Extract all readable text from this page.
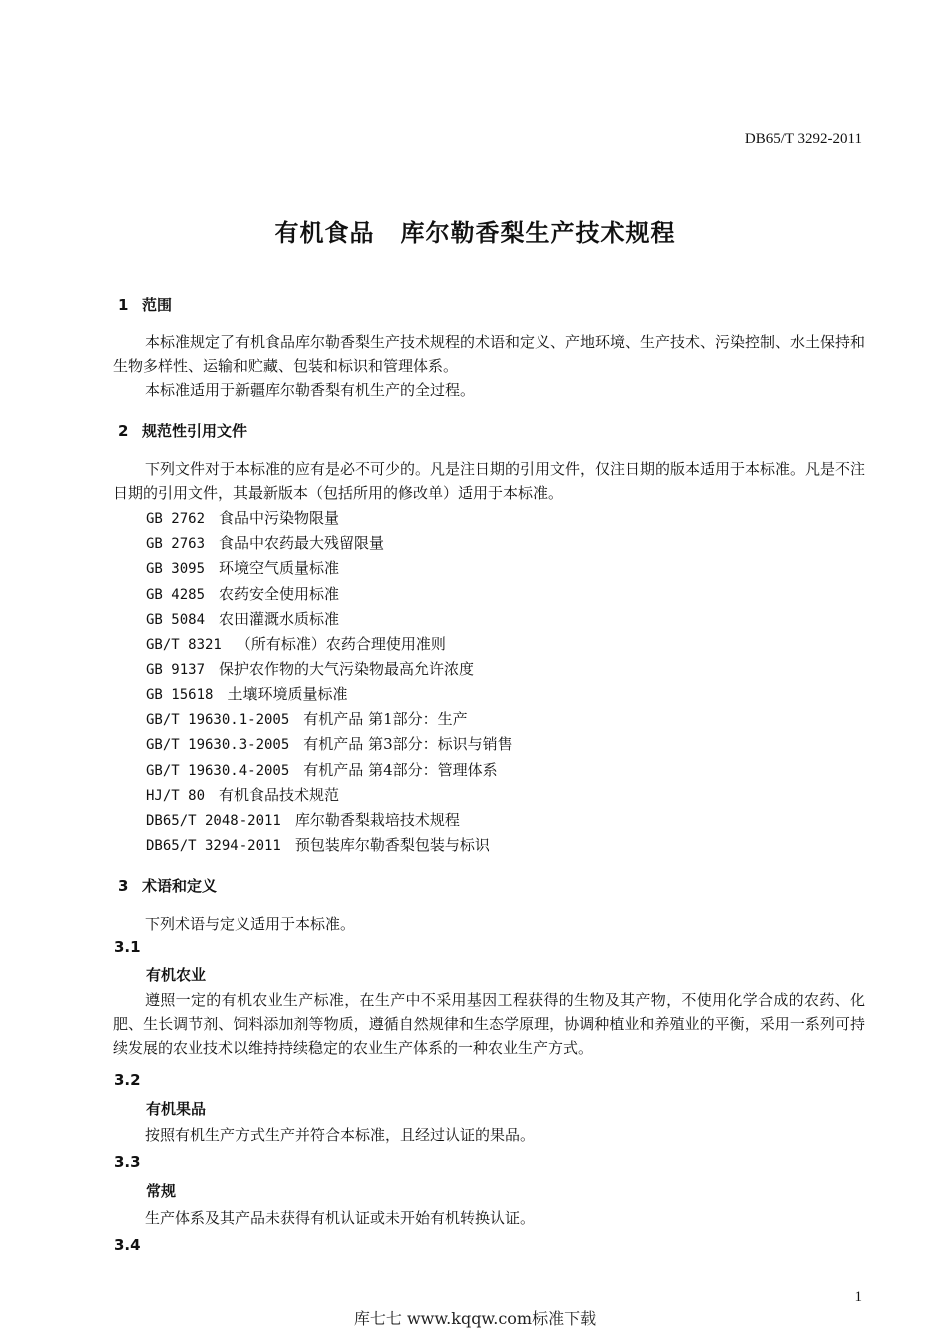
DB65/T 3292-2011
有机食品 库尔勒香梨生产技术规程
1 范围
本标准规定了有机食品库尔勒香梨生产技术规程的术语和定义、产地环境、生产技术、污染控制、水土保持和生物多样性、运输和贮藏、包装和标识和管理体系。
本标准适用于新疆库尔勒香梨有机生产的全过程。
2 规范性引用文件
下列文件对于本标准的应有是必不可少的。凡是注日期的引用文件，仅注日期的版本适用于本标准。凡是不注日期的引用文件，其最新版本（包括所用的修改单）适用于本标准。
GB 2762 食品中污染物限量
GB 2763 食品中农药最大残留限量
GB 3095 环境空气质量标准
GB 4285 农药安全使用标准
GB 5084 农田灌溉水质标准
GB/T 8321 （所有标准）农药合理使用准则
GB 9137 保护农作物的大气污染物最高允许浓度
GB 15618 土壤环境质量标准
GB/T 19630.1-2005 有机产品 第1部分：生产
GB/T 19630.3-2005 有机产品 第3部分：标识与销售
GB/T 19630.4-2005 有机产品 第4部分：管理体系
HJ/T 80 有机食品技术规范
DB65/T 2048-2011 库尔勒香梨栽培技术规程
DB65/T 3294-2011 预包装库尔勒香梨包装与标识
3 术语和定义
下列术语与定义适用于本标准。
3.1
有机农业
遵照一定的有机农业生产标准，在生产中不采用基因工程获得的生物及其产物，不使用化学合成的农药、化肥、生长调节剂、饲料添加剂等物质，遵循自然规律和生态学原理，协调种植业和养殖业的平衡，采用一系列可持续发展的农业技术以维持持续稳定的农业生产体系的一种农业生产方式。
3.2
有机果品
按照有机生产方式生产并符合本标准，且经过认证的果品。
3.3
常规
生产体系及其产品未获得有机认证或未开始有机转换认证。
3.4
1
库七七 www.kqqw.com标准下载
